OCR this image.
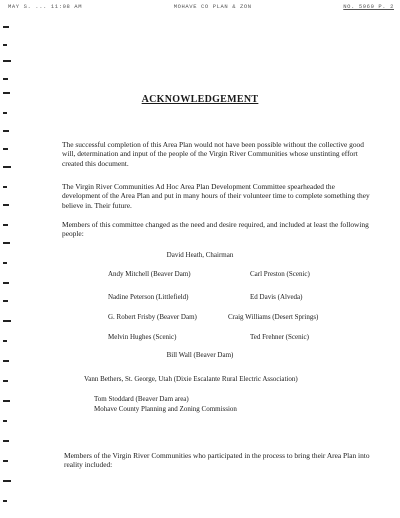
MAY S. ... 11:08 AM	MOHAVE CO PLAN & ZON	NO. 5960 P. 2
ACKNOWLEDGEMENT

The successful completion of this Area Plan would not have been possible without the collective good will, determination and input of the people of the Virgin River Communities whose unstinting effort created this document.

The Virgin River Communities Ad Hoc Area Plan Development Committee spearheaded the development of the Area Plan and put in many hours of their volunteer time to complete something they believe in. Their future.

Members of this committee changed as the need and desire required, and included at least the following people:

David Heath, Chairman
Andy Mitchell (Beaver Dam)	Carl Preston (Scenic)
Nadine Peterson (Littlefield)	Ed Davis (Alveda)
G. Robert Frisby (Beaver Dam)	Craig Williams (Desert Springs)
Melvin Hughes (Scenic)	Ted Frehner (Scenic)
Bill Wall (Beaver Dam)
Vann Bethers, St. George, Utah (Dixie Escalante Rural Electric Association)
Tom Stoddard (Beaver Dam area)
Mohave County Planning and Zoning Commission

Members of the Virgin River Communities who participated in the process to bring their Area Plan into reality included:
